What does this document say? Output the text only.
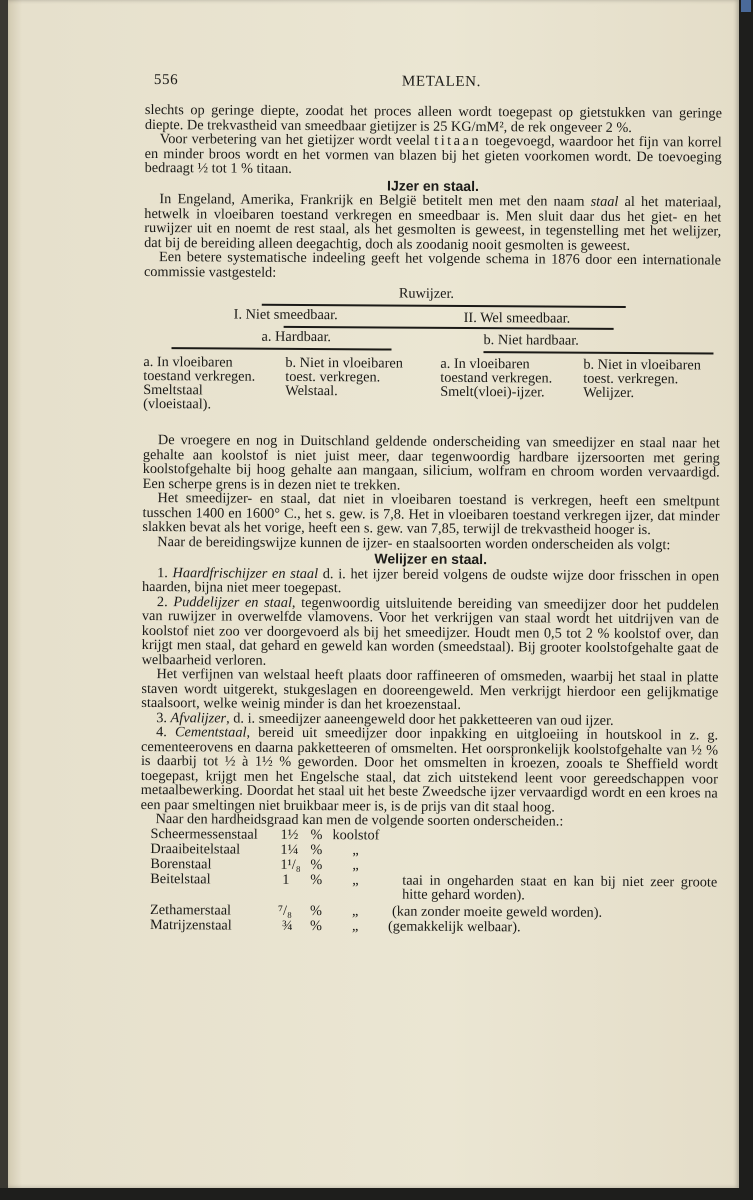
556	METALEN.

slechts op geringe diepte, zoodat het proces alleen wordt toegepast op gietstukken van geringe diepte. De trekvastheid van smeedbaar gietijzer is 25 KG/mM², de rek ongeveer 2 %.

Voor verbetering van het gietijzer wordt veelal titaan toegevoegd, waardoor het fijn van korrel en minder broos wordt en het vormen van blazen bij het gieten voorkomen wordt. De toevoeging bedraagt ½ tot 1 % titaan.

IJzer en staal.

In Engeland, Amerika, Frankrijk en België betitelt men met den naam staal al het materiaal, hetwelk in vloeibaren toestand verkregen en smeedbaar is. Men sluit daar dus het giet- en het ruwijzer uit en noemt de rest staal, als het gesmolten is geweest, in tegenstelling met het welijzer, dat bij de bereiding alleen deegachtig, doch als zoodanig nooit gesmolten is geweest.

Een betere systematische indeeling geeft het volgende schema in 1876 door een internationale commissie vastgesteld:

Ruwijzer.
I. Niet smeedbaar.	II. Wel smeedbaar.
a. Hardbaar.	b. Niet hardbaar.
a. In vloeibaren toestand verkregen. Smeltstaal (vloeistaal).
b. Niet in vloeibaren toest. verkregen. Welstaal.
a. In vloeibaren toestand verkregen. Smelt(vloei)-ijzer.
b. Niet in vloeibaren toest. verkregen. Welijzer.

De vroegere en nog in Duitschland geldende onderscheiding van smeedijzer en staal naar het gehalte aan koolstof is niet juist meer, daar tegenwoordig hardbare ijzersoorten met gering koolstofgehalte bij hoog gehalte aan mangaan, silicium, wolfram en chroom worden vervaardigd. Een scherpe grens is in dezen niet te trekken.

Het smeedijzer- en staal, dat niet in vloeibaren toestand is verkregen, heeft een smeltpunt tusschen 1400 en 1600° C., het s. gew. is 7,8. Het in vloeibaren toestand verkregen ijzer, dat minder slakken bevat als het vorige, heeft een s. gew. van 7,85, terwijl de trekvastheid hooger is.

Naar de bereidingswijze kunnen de ijzer- en staalsoorten worden onderscheiden als volgt:

Welijzer en staal.

1. Haardfrischijzer en staal d. i. het ijzer bereid volgens de oudste wijze door frisschen in open haarden, bijna niet meer toegepast.

2. Puddelijzer en staal, tegenwoordig uitsluitende bereiding van smeedijzer door het puddelen van ruwijzer in overwelfde vlamovens. Voor het verkrijgen van staal wordt het uitdrijven van de koolstof niet zoo ver doorgevoerd als bij het smeedijzer. Houdt men 0,5 tot 2 % koolstof over, dan krijgt men staal, dat gehard en geweld kan worden (smeedstaal). Bij grooter koolstofgehalte gaat de welbaarheid verloren.

Het verfijnen van welstaal heeft plaats door raffineeren of omsmeden, waarbij het staal in platte staven wordt uitgerekt, stukgeslagen en dooreengeweld. Men verkrijgt hierdoor een gelijkmatige staalsoort, welke weinig minder is dan het kroezenstaal.

3. Afvalijzer, d. i. smeedijzer aaneengeweld door het pakketteeren van oud ijzer.

4. Cementstaal, bereid uit smeedijzer door inpakking en uitgloeiing in houtskool in z. g. cementeerovens en daarna pakketteeren of omsmelten. Het oorspronkelijk koolstofgehalte van ½ % is daarbij tot ½ à 1½ % geworden. Door het omsmelten in kroezen, zooals te Sheffield wordt toegepast, krijgt men het Engelsche staal, dat zich uitstekend leent voor gereedschappen voor metaalbewerking. Doordat het staal uit het beste Zweedsche ijzer vervaardigd wordt en een kroes na een paar smeltingen niet bruikbaar meer is, is de prijs van dit staal hoog.

Naar den hardheidsgraad kan men de volgende soorten onderscheiden.:

Scheermessenstaal 1½ % koolstof
Draaibeitelstaal	1¼ % „
Borenstaal	1¹/₈ % „
Beitelstaal	1 % „	taai in ongeharden staat en kan bij niet zeer groote hitte gehard worden).
Zethamerstaal	⁷/₈ % „ (kan zonder moeite geweld worden).
Matrijzenstaal	¾ % „ (gemakkelijk welbaar).
